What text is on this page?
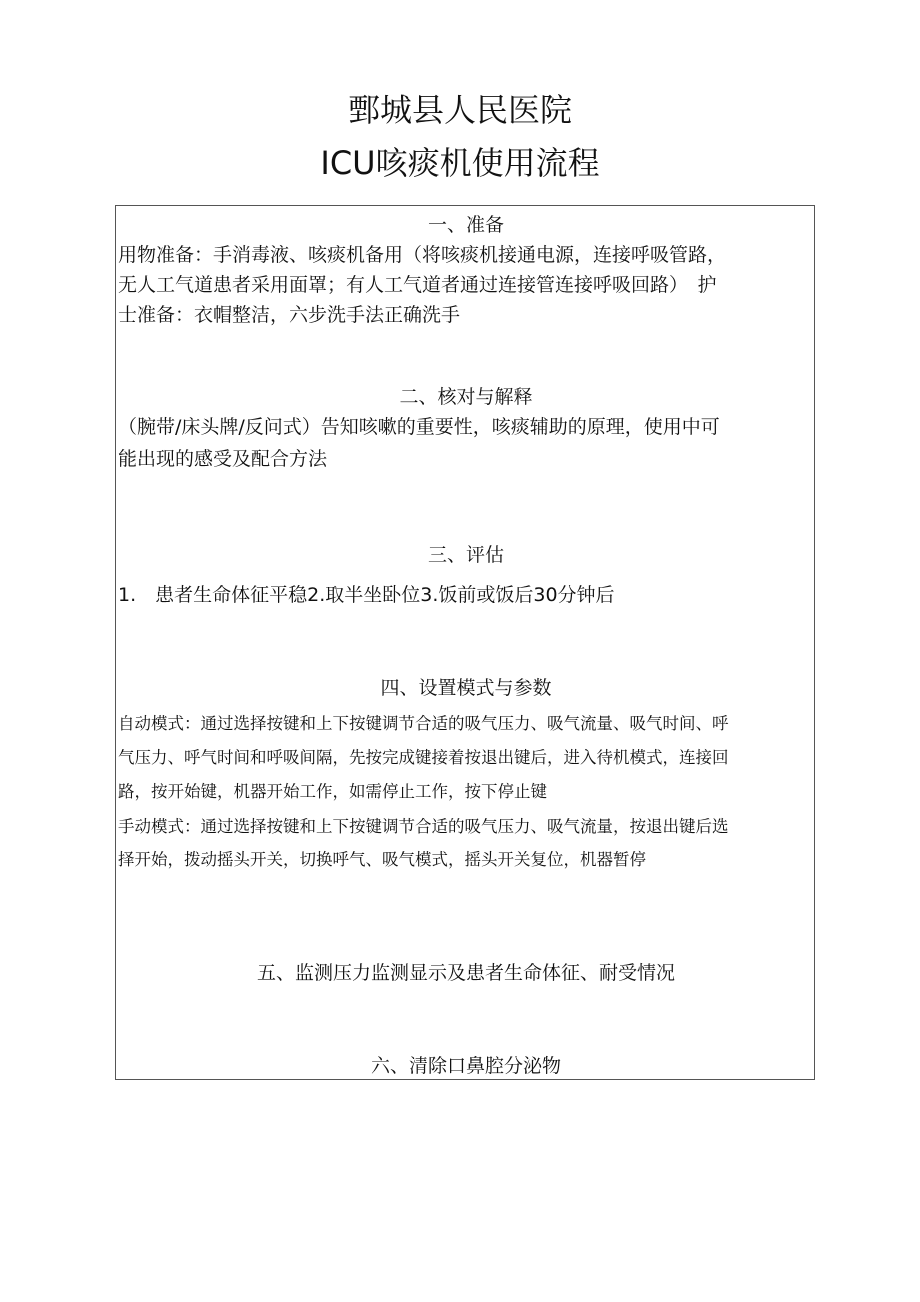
鄄城县人民医院
ICU咳痰机使用流程
一、准备
用物准备：手消毒液、咳痰机备用（将咳痰机接通电源，连接呼吸管路，
无人工气道患者采用面罩；有人工气道者通过连接管连接呼吸回路）　护
士准备：衣帽整洁，六步洗手法正确洗手
二、核对与解释
（腕带/床头牌/反问式）告知咳嗽的重要性，咳痰辅助的原理，使用中可
能出现的感受及配合方法
三、评估
1.　患者生命体征平稳2.取半坐卧位3.饭前或饭后30分钟后
四、设置模式与参数
自动模式：通过选择按键和上下按键调节合适的吸气压力、吸气流量、吸气时间、呼
气压力、呼气时间和呼吸间隔，先按完成键接着按退出键后，进入待机模式，连接回
路，按开始键，机器开始工作，如需停止工作，按下停止键
手动模式：通过选择按键和上下按键调节合适的吸气压力、吸气流量，按退出键后选
择开始，拨动摇头开关，切换呼气、吸气模式，摇头开关复位，机器暂停
五、监测压力监测显示及患者生命体征、耐受情况
六、清除口鼻腔分泌物
